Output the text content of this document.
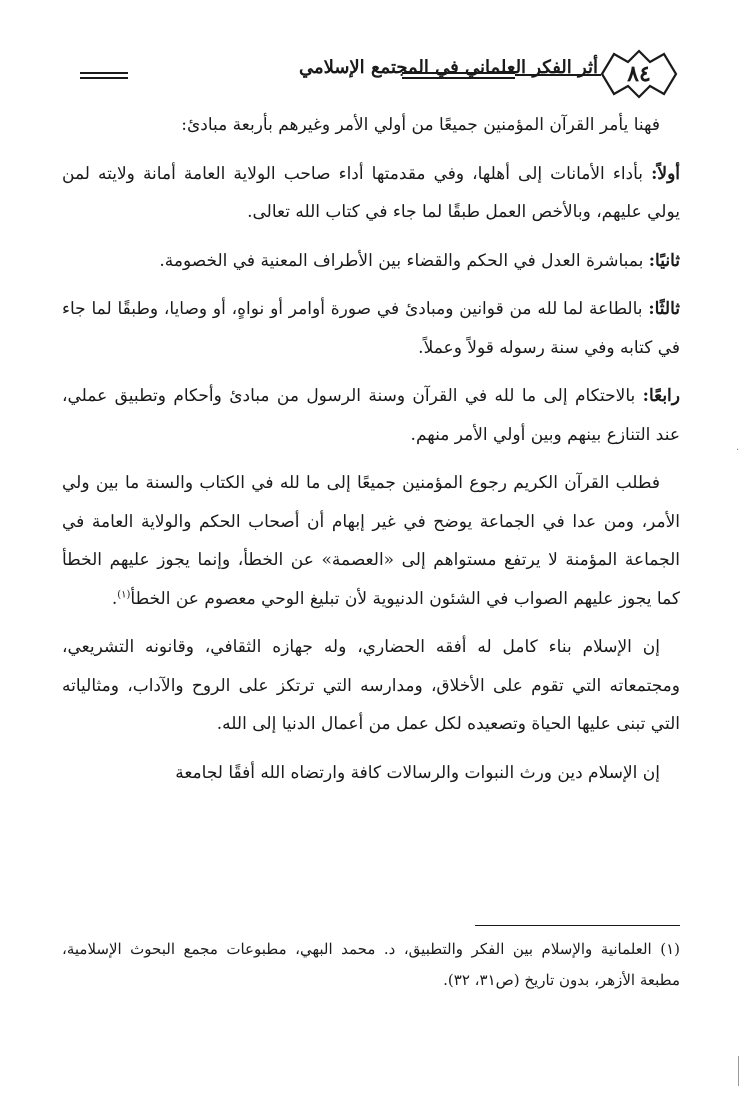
أثر الفكر العلماني في المجتمع الإسلامي	٨٤

فهنا يأمر القرآن المؤمنين جميعًا من أولي الأمر وغيرهم بأربعة مبادئ:

أولاً: بأداء الأمانات إلى أهلها، وفي مقدمتها أداء صاحب الولاية العامة أمانة ولايته لمن يولي عليهم، وبالأخص العمل طبقًا لما جاء في كتاب الله تعالى.

ثانيًا: بمباشرة العدل في الحكم والقضاء بين الأطراف المعنية في الخصومة.

ثالثًا: بالطاعة لما لله من قوانين ومبادئ في صورة أوامر أو نواهٍ، أو وصايا، وطبقًا لما جاء في كتابه وفي سنة رسوله قولاً وعملاً.

رابعًا: بالاحتكام إلى ما لله في القرآن وسنة الرسول من مبادئ وأحكام وتطبيق عملي، عند التنازع بينهم وبين أولي الأمر منهم.

فطلب القرآن الكريم رجوع المؤمنين جميعًا إلى ما لله في الكتاب والسنة ما بين ولي الأمر، ومن عدا في الجماعة يوضح في غير إبهام أن أصحاب الحكم والولاية العامة في الجماعة المؤمنة لا يرتفع مستواهم إلى «العصمة» عن الخطأ، وإنما يجوز عليهم الخطأ كما يجوز عليهم الصواب في الشئون الدنيوية لأن تبليغ الوحي معصوم عن الخطأ$^{(١)}$.

إن الإسلام بناء كامل له أفقه الحضاري، وله جهازه الثقافي، وقانونه التشريعي، ومجتمعاته التي تقوم على الأخلاق، ومدارسه التي ترتكز على الروح والآداب، ومثالياته التي تبنى عليها الحياة وتصعيده لكل عمل من أعمال الدنيا إلى الله.

إن الإسلام دين ورث النبوات والرسالات كافة وارتضاه الله أفقًا لجامعة

(١) العلمانية والإسلام بين الفكر والتطبيق، د. محمد البهي، مطبوعات مجمع البحوث الإسلامية، مطبعة الأزهر، بدون تاريخ (ص٣١، ٣٢).
·
